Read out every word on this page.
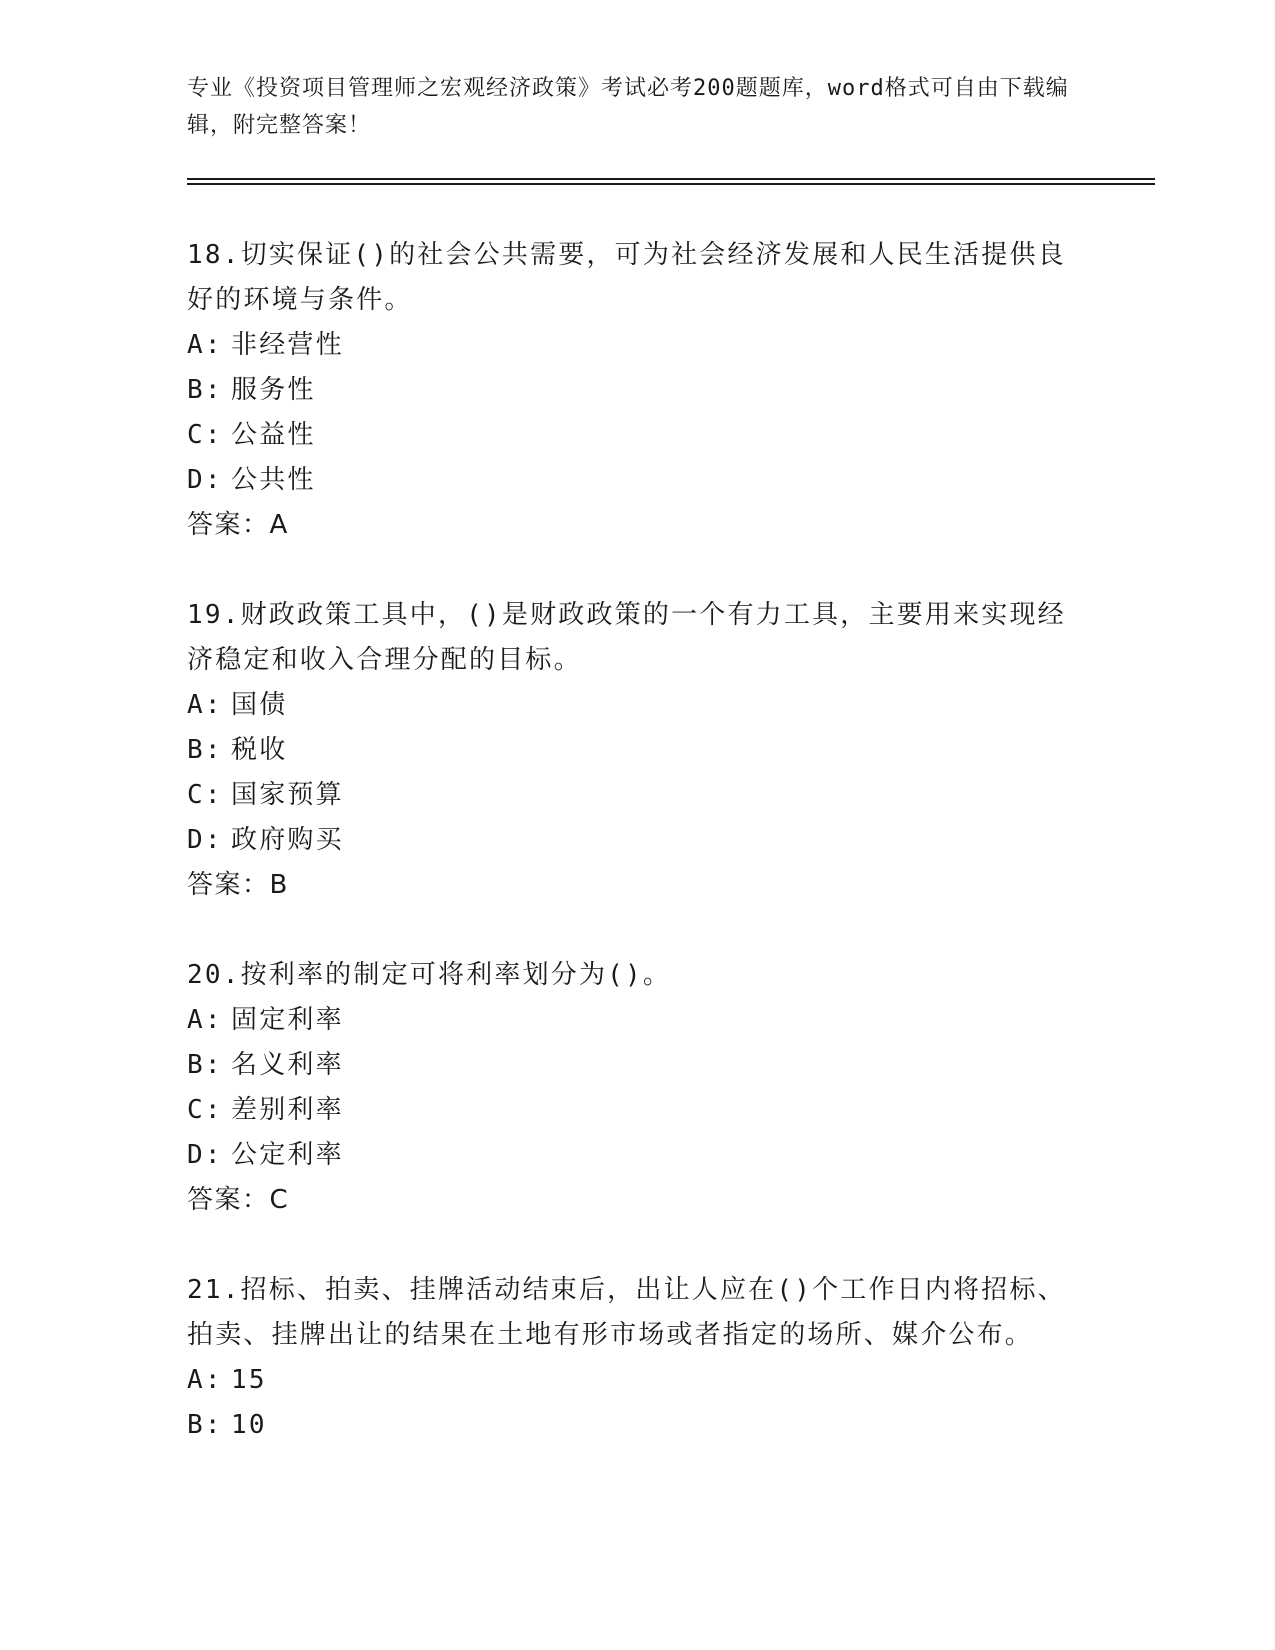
专业《投资项目管理师之宏观经济政策》考试必考200题题库，word格式可自由下载编辑，附完整答案！

18.切实保证()的社会公共需要，可为社会经济发展和人民生活提供良好的环境与条件。

A: 非经营性
B: 服务性
C: 公益性
D: 公共性
答案：A

19.财政政策工具中，()是财政政策的一个有力工具，主要用来实现经济稳定和收入合理分配的目标。

A: 国债
B: 税收
C: 国家预算
D: 政府购买
答案：B

20.按利率的制定可将利率划分为()。

A: 固定利率
B: 名义利率
C: 差别利率
D: 公定利率
答案：C

21.招标、拍卖、挂牌活动结束后，出让人应在()个工作日内将招标、拍卖、挂牌出让的结果在土地有形市场或者指定的场所、媒介公布。

A: 15
B: 10
